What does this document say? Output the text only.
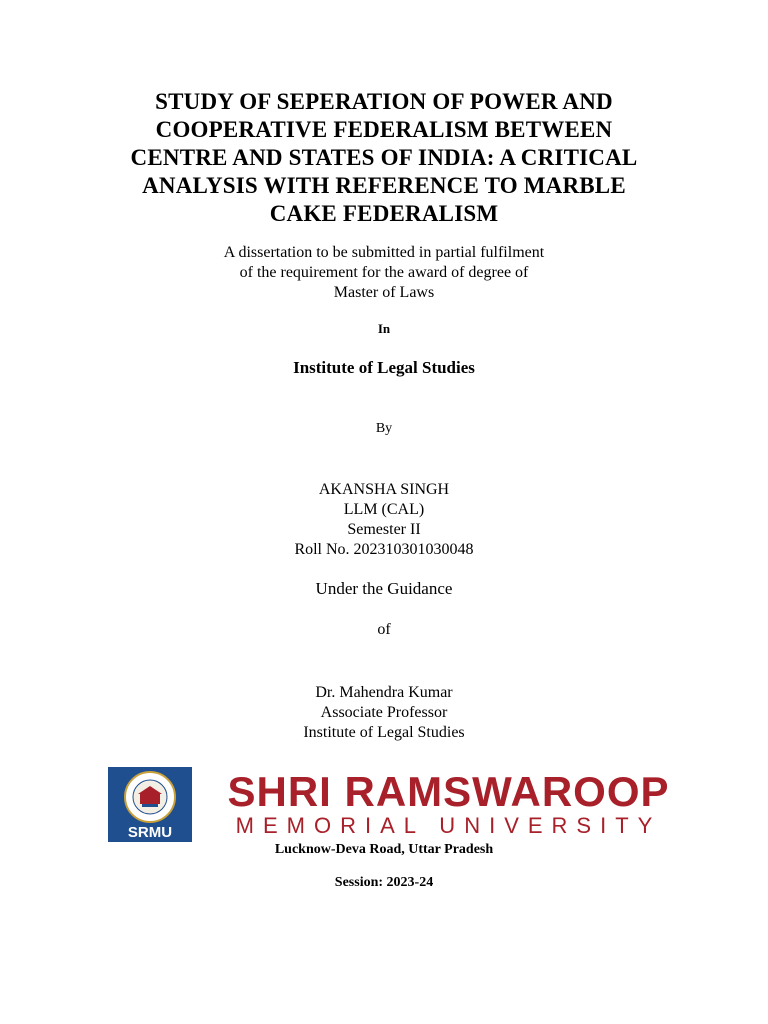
STUDY OF SEPERATION OF POWER AND
COOPERATIVE FEDERALISM BETWEEN
CENTRE AND STATES OF INDIA: A CRITICAL
ANALYSIS WITH REFERENCE TO MARBLE
CAKE FEDERALISM
A dissertation to be submitted in partial fulfilment
of the requirement for the award of degree of
Master of Laws
In
Institute of Legal Studies
By
AKANSHA SINGH
LLM (CAL)
Semester II
Roll No. 202310301030048
Under the Guidance
of
Dr. Mahendra Kumar
Associate Professor
Institute of Legal Studies
SRMU
SHRI RAMSWAROOP
MEMORIAL UNIVERSITY
Lucknow-Deva Road, Uttar Pradesh
Session: 2023-24
